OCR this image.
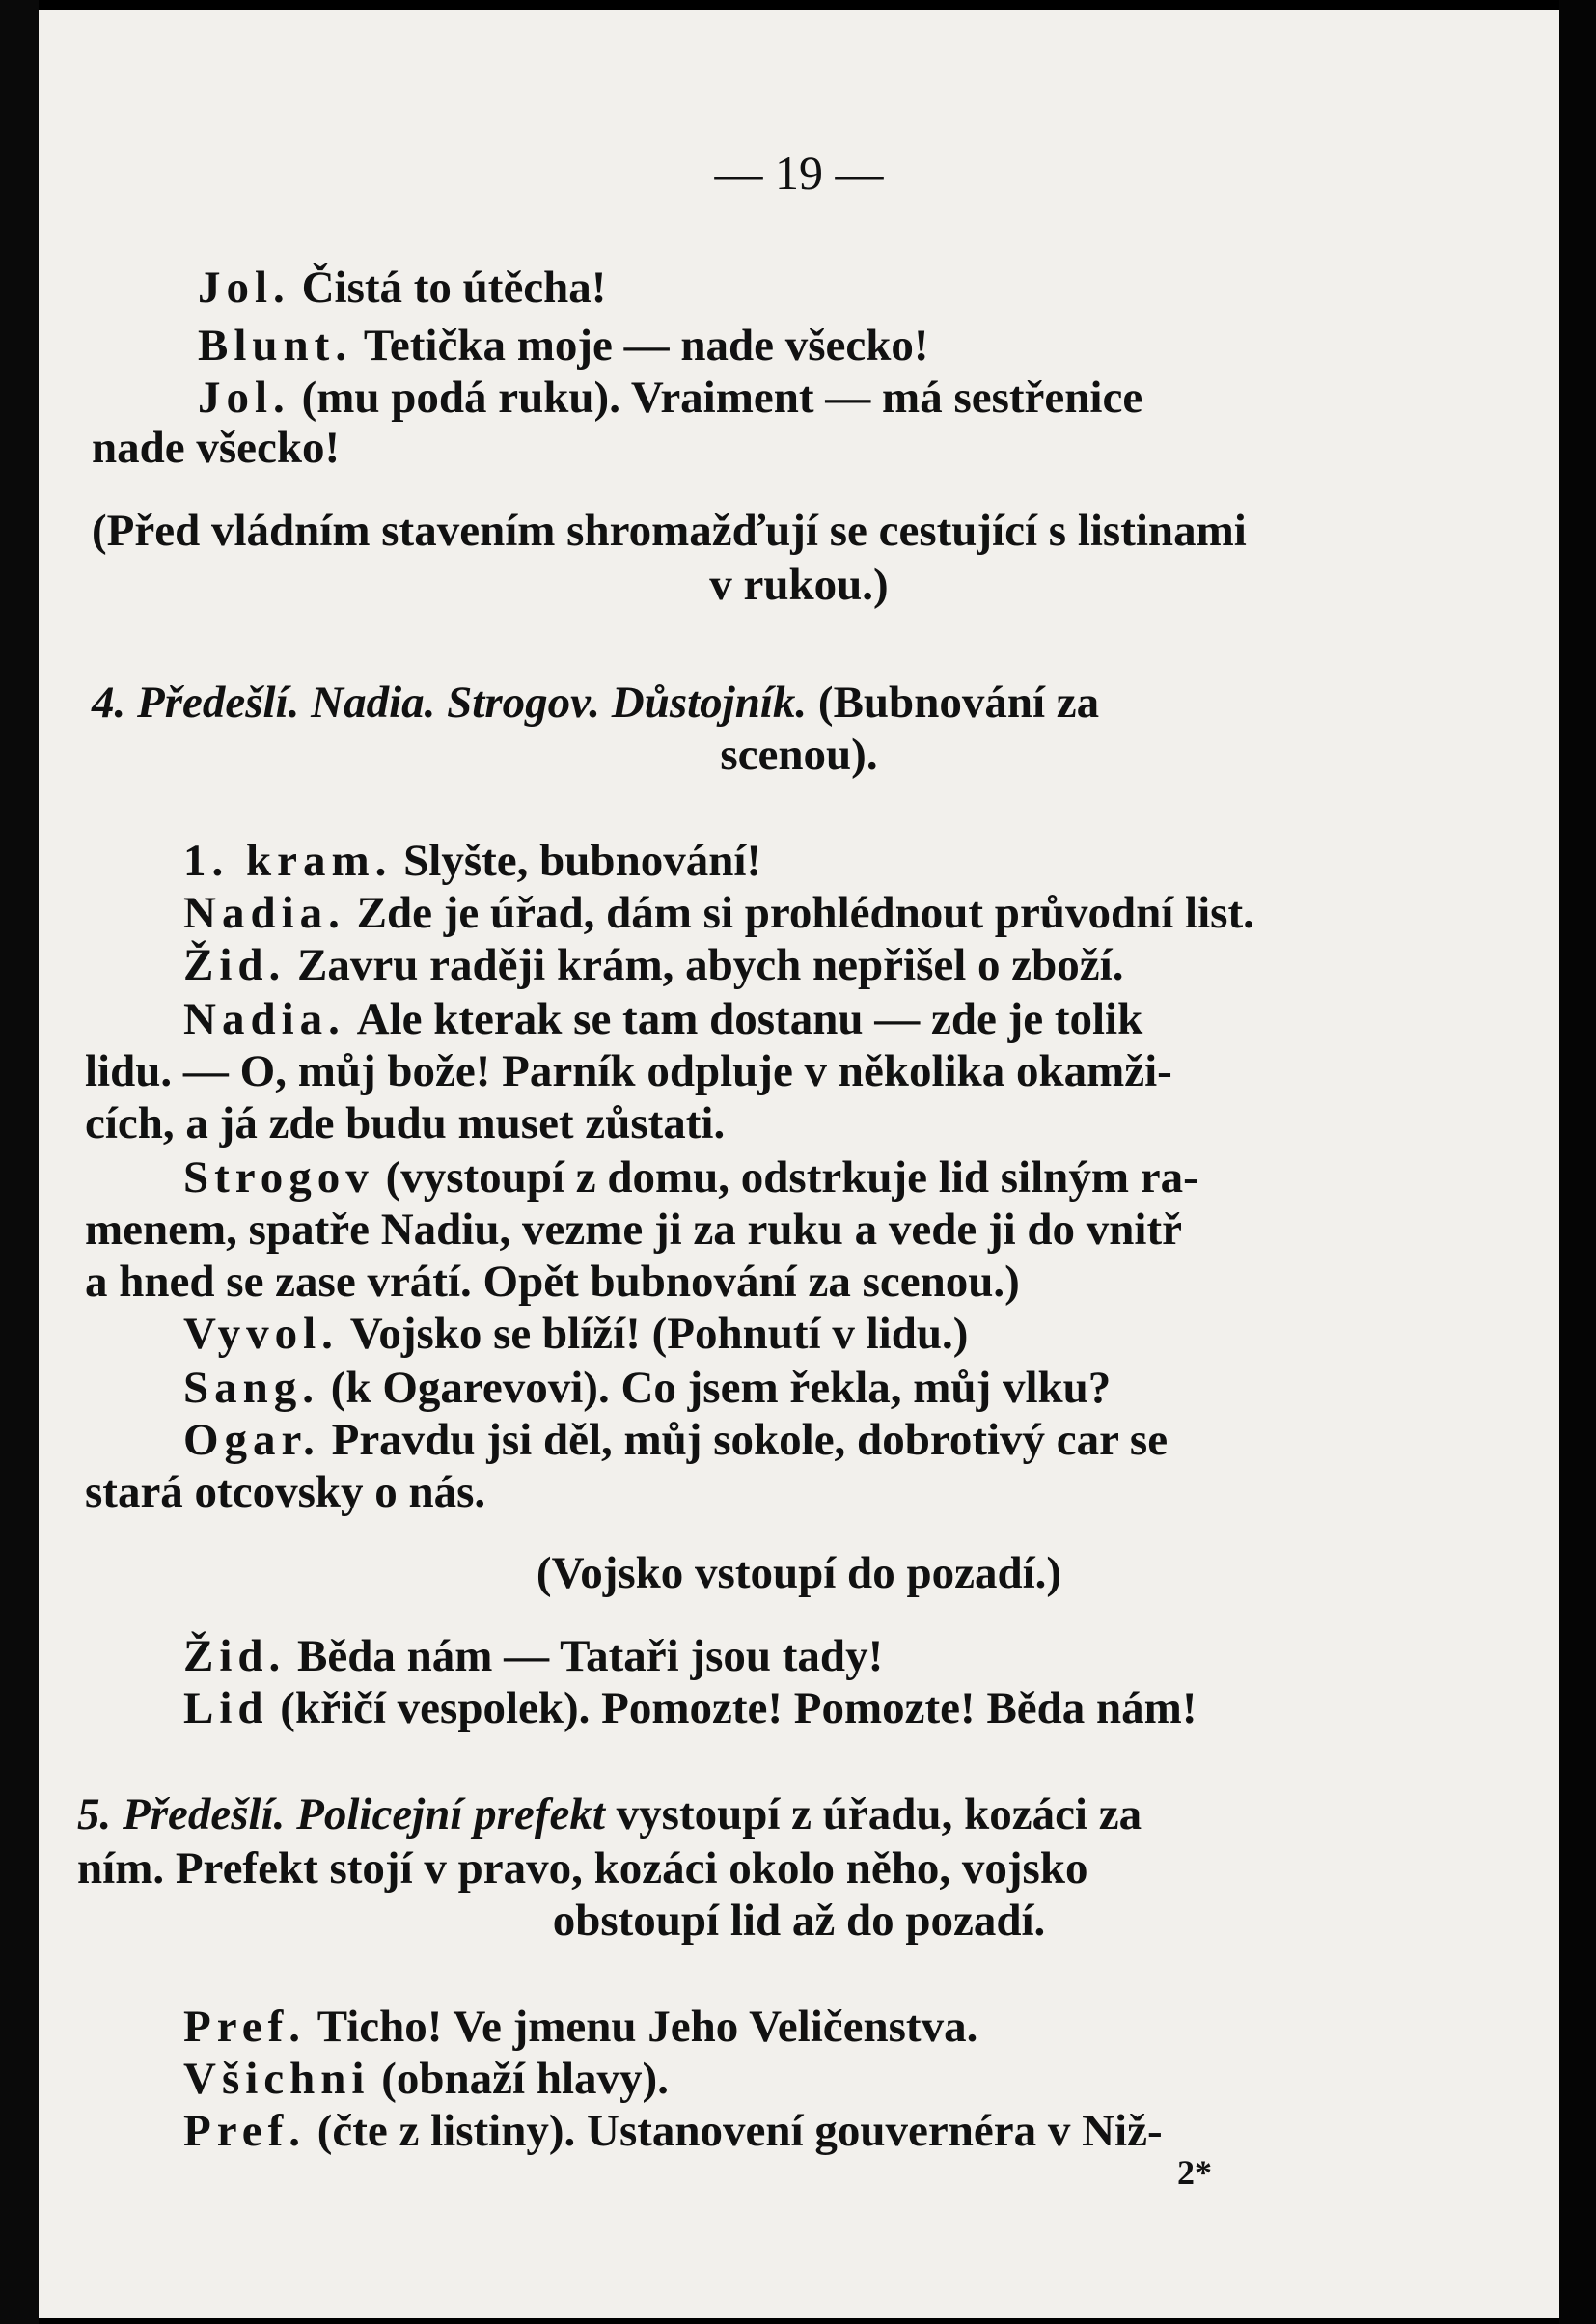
— 19 —
Jol. Čistá to útěcha!
Blunt. Tetička moje — nade všecko!
Jol. (mu podá ruku). Vraiment — má sestřenice
nade všecko!
(Před vládním stavením shromažďují se cestující s listinami
v rukou.)
4. Předešlí. Nadia. Strogov. Důstojník. (Bubnování za
scenou).
1. kram. Slyšte, bubnování!
Nadia. Zde je úřad, dám si prohlédnout průvodní list.
Žid. Zavru raději krám, abych nepřišel o zboží.
Nadia. Ale kterak se tam dostanu — zde je tolik
lidu. — O, můj bože! Parník odpluje v několika okamži-
cích, a já zde budu muset zůstati.
Strogov (vystoupí z domu, odstrkuje lid silným ra-
menem, spatře Nadiu, vezme ji za ruku a vede ji do vnitř
a hned se zase vrátí. Opět bubnování za scenou.)
Vyvol. Vojsko se blíží! (Pohnutí v lidu.)
Sang. (k Ogarevovi). Co jsem řekla, můj vlku?
Ogar. Pravdu jsi děl, můj sokole, dobrotivý car se
stará otcovsky o nás.
(Vojsko vstoupí do pozadí.)
Žid. Běda nám — Tataři jsou tady!
Lid (křičí vespolek). Pomozte! Pomozte! Běda nám!
5. Předešlí. Policejní prefekt vystoupí z úřadu, kozáci za
ním. Prefekt stojí v pravo, kozáci okolo něho, vojsko
obstoupí lid až do pozadí.
Pref. Ticho! Ve jmenu Jeho Veličenstva.
Všichni (obnaží hlavy).
Pref. (čte z listiny). Ustanovení gouvernéra v Niž-
2*
